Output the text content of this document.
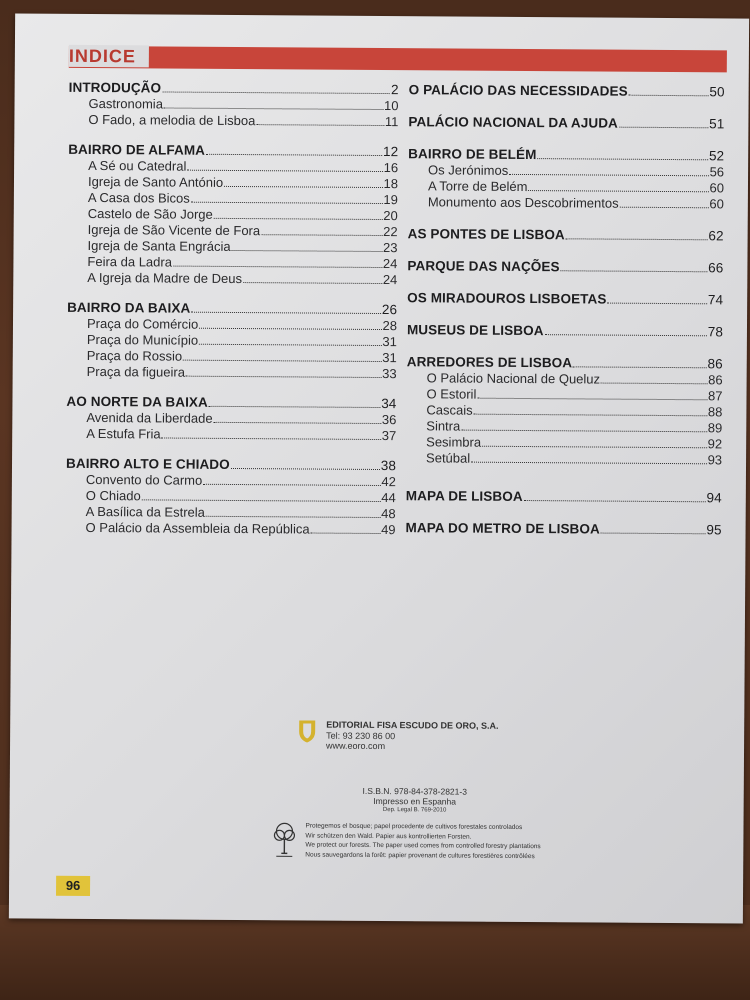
INDICE
INTRODUÇÃO	2
Gastronomia	10
O Fado, a melodia de Lisboa	11
BAIRRO DE ALFAMA	12
A Sé ou Catedral	16
Igreja de Santo António	18
A Casa dos Bicos	19
Castelo de São Jorge	20
Igreja de São Vicente de Fora	22
Igreja de Santa Engrácia	23
Feira da Ladra	24
A Igreja da Madre de Deus	24
BAIRRO DA BAIXA	26
Praça do Comércio	28
Praça do Município	31
Praça do Rossio	31
Praça da figueira	33
AO NORTE DA BAIXA	34
Avenida da Liberdade	36
A Estufa Fria	37
BAIRRO ALTO E CHIADO	38
Convento do Carmo	42
O Chiado	44
A Basílica da Estrela	48
O Palácio da Assembleia da República	49
O PALÁCIO DAS NECESSIDADES	50
PALÁCIO NACIONAL DA AJUDA	51
BAIRRO DE BELÉM	52
Os Jerónimos	56
A Torre de Belém	60
Monumento aos Descobrimentos	60
AS PONTES DE LISBOA	62
PARQUE DAS NAÇÕES	66
OS MIRADOUROS LISBOETAS	74
MUSEUS DE LISBOA	78
ARREDORES DE LISBOA	86
O Palácio Nacional de Queluz	86
O Estoril	87
Cascais	88
Sintra	89
Sesimbra	92
Setúbal	93
MAPA DE LISBOA	94
MAPA DO METRO DE LISBOA	95
EDITORIAL FISA ESCUDO DE ORO, S.A.
Tel: 93 230 86 00
www.eoro.com
I.S.B.N. 978-84-378-2821-3
Impresso en Espanha
Dep. Legal B. 769-2010
Protegemos el bosque; papel procedente de cultivos forestales controlados
Wir schützen den Wald. Papier aus kontrollierten Forsten.
We protect our forests. The paper used comes from controlled forestry plantations
Nous sauvegardons la forêt: papier provenant de cultures forestières contrôlées
96
